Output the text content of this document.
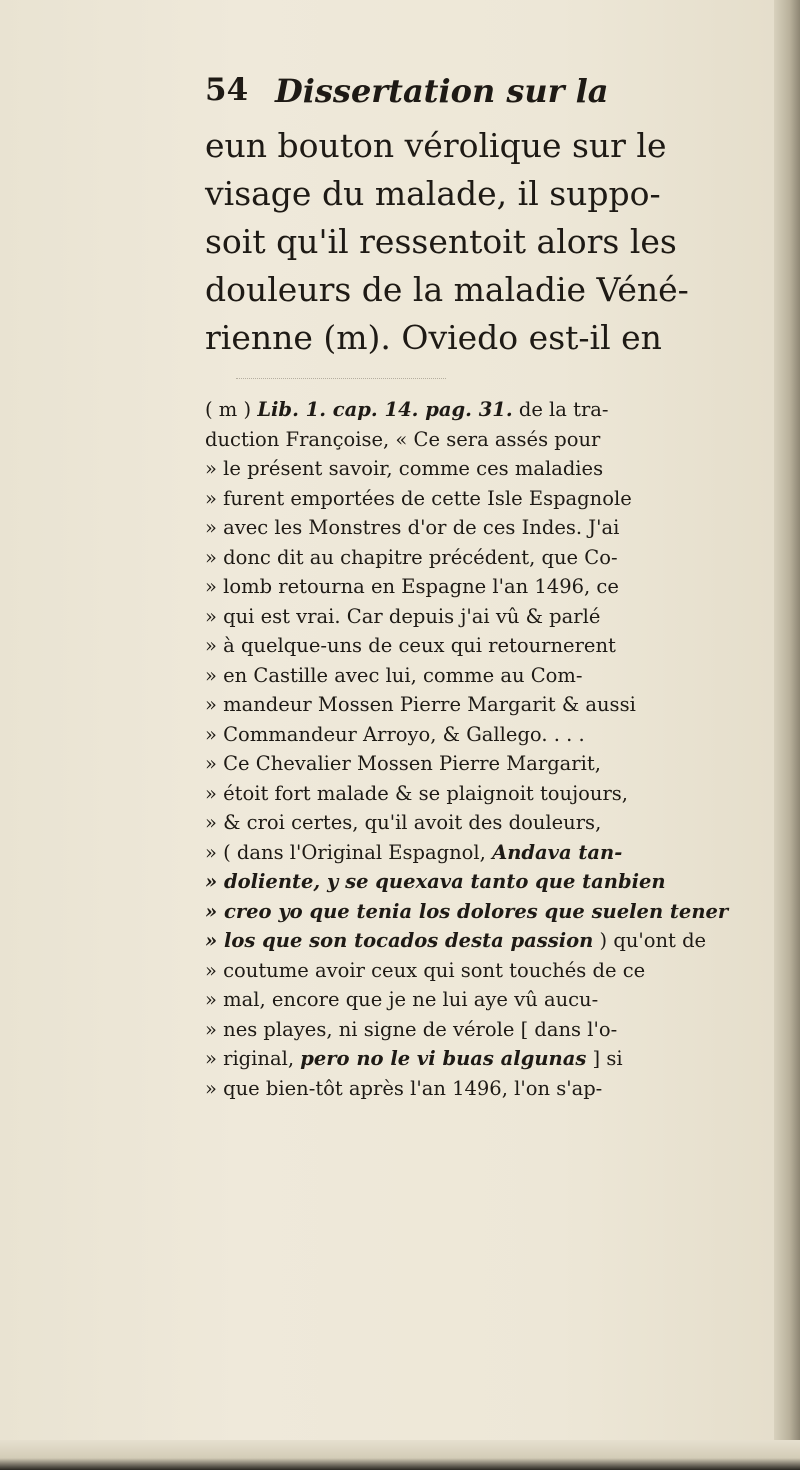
54 Dissertation sur la
eun bouton vérolique sur le
visage du malade, il suppo-
soit qu'il ressentoit alors les
douleurs de la maladie Véné-
rienne (m). Oviedo est-il en
( m ) Lib. 1. cap. 14. pag. 31. de la tra-
duction Françoise, « Ce sera assés pour
» le présent savoir, comme ces maladies
» furent emportées de cette Isle Espagnole
» avec les Monstres d'or de ces Indes. J'ai
» donc dit au chapitre précédent, que Co-
» lomb retourna en Espagne l'an 1496, ce
» qui est vrai. Car depuis j'ai vû & parlé
» à quelque-uns de ceux qui retournerent
» en Castille avec lui, comme au Com-
» mandeur Mossen Pierre Margarit & aussi
» Commandeur Arroyo, & Gallego. . . .
» Ce Chevalier Mossen Pierre Margarit,
» étoit fort malade & se plaignoit toujours,
» & croi certes, qu'il avoit des douleurs,
» ( dans l'Original Espagnol, Andava tan-
» doliente, y se quexava tanto que tanbien
» creo yo que tenia los dolores que suelen tener
» los que son tocados desta passion ) qu'ont de
» coutume avoir ceux qui sont touchés de ce
» mal, encore que je ne lui aye vû aucu-
» nes playes, ni signe de vérole [ dans l'o-
» riginal, pero no le vi buas algunas ] si
» que bien-tôt après l'an 1496, l'on s'ap-
